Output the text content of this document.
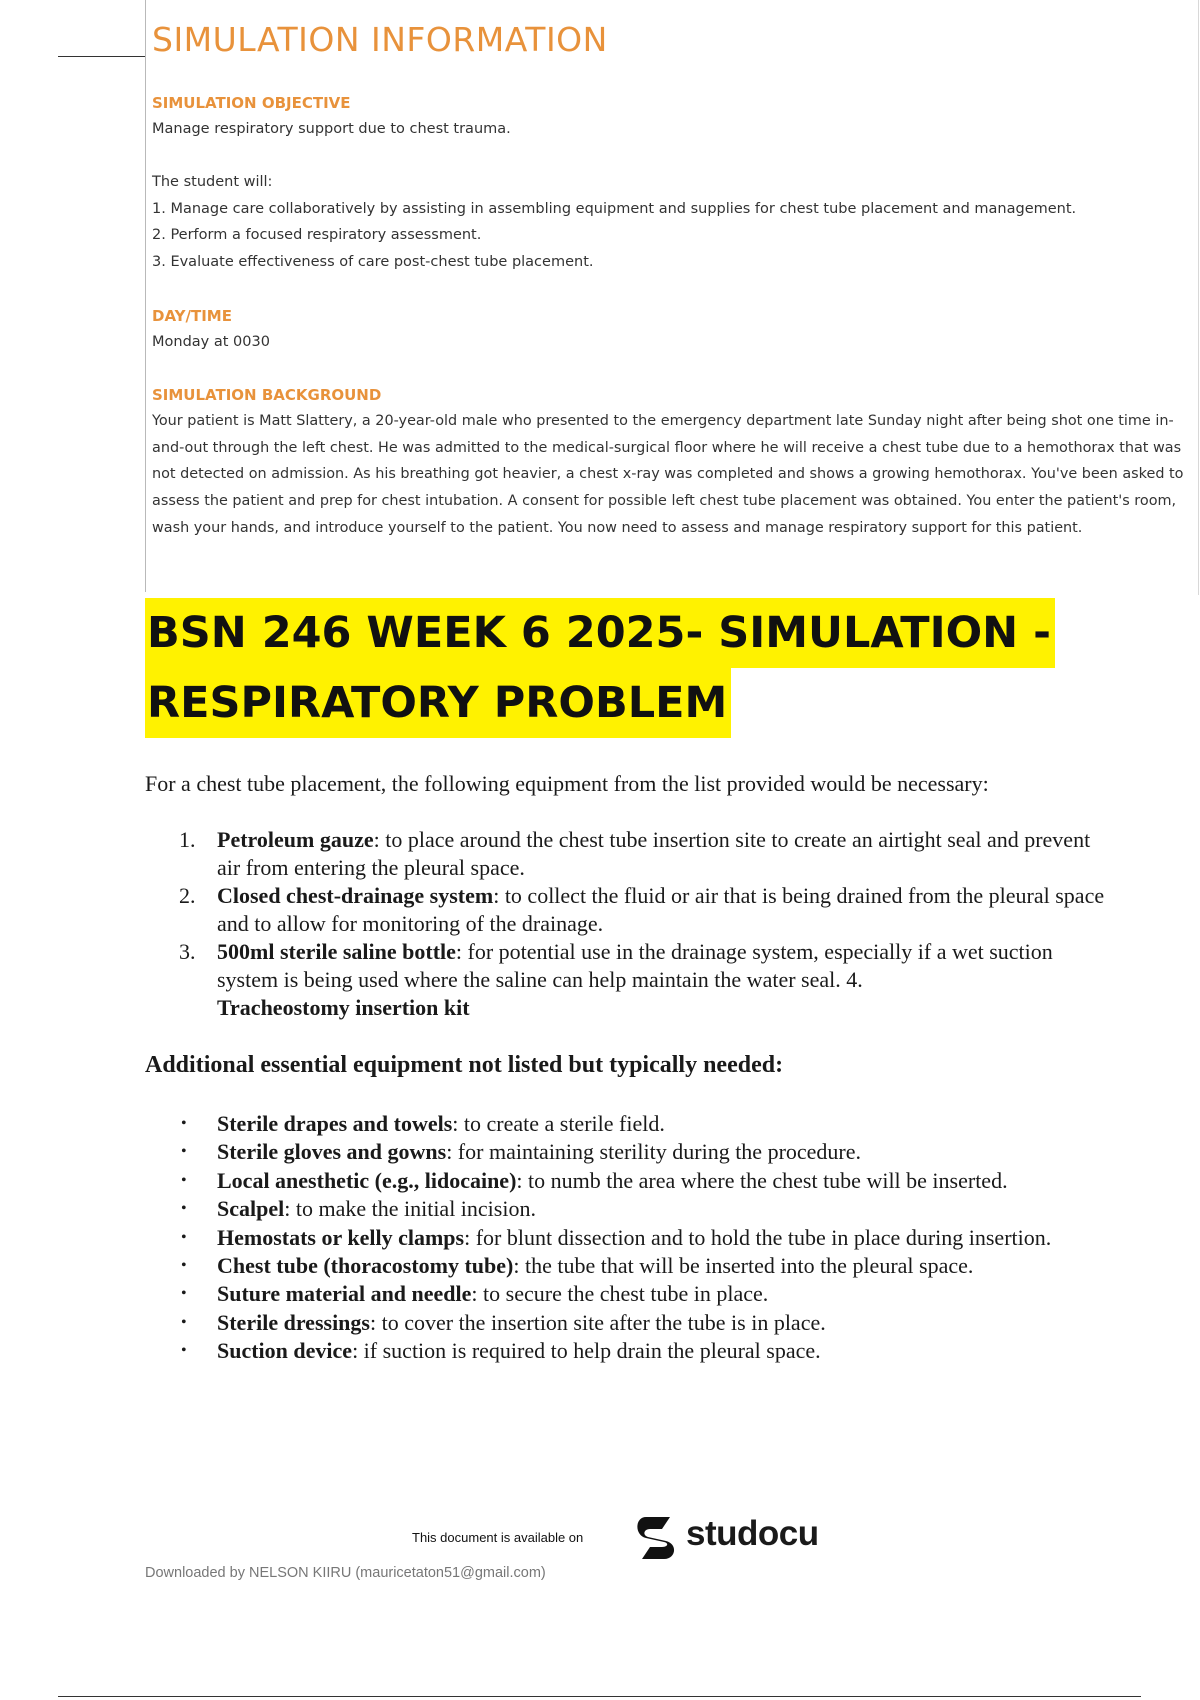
SIMULATION INFORMATION
SIMULATION OBJECTIVE
Manage respiratory support due to chest trauma.
The student will:
1. Manage care collaboratively by assisting in assembling equipment and supplies for chest tube placement and management.
2. Perform a focused respiratory assessment.
3. Evaluate effectiveness of care post-chest tube placement.
DAY/TIME
Monday at 0030
SIMULATION BACKGROUND
Your patient is Matt Slattery, a 20-year-old male who presented to the emergency department late Sunday night after being shot one time in-and-out through the left chest. He was admitted to the medical-surgical floor where he will receive a chest tube due to a hemothorax that was not detected on admission. As his breathing got heavier, a chest x-ray was completed and shows a growing hemothorax. You've been asked to assess the patient and prep for chest intubation. A consent for possible left chest tube placement was obtained. You enter the patient's room, wash your hands, and introduce yourself to the patient. You now need to assess and manage respiratory support for this patient.
BSN 246 WEEK 6 2025- SIMULATION -
RESPIRATORY PROBLEM
For a chest tube placement, the following equipment from the list provided would be necessary:
1. Petroleum gauze: to place around the chest tube insertion site to create an airtight seal and prevent air from entering the pleural space.
2. Closed chest-drainage system: to collect the fluid or air that is being drained from the pleural space and to allow for monitoring of the drainage.
3. 500ml sterile saline bottle: for potential use in the drainage system, especially if a wet suction system is being used where the saline can help maintain the water seal. 4.
Tracheostomy insertion kit
Additional essential equipment not listed but typically needed:
• Sterile drapes and towels: to create a sterile field.
• Sterile gloves and gowns: for maintaining sterility during the procedure.
• Local anesthetic (e.g., lidocaine): to numb the area where the chest tube will be inserted.
• Scalpel: to make the initial incision.
• Hemostats or kelly clamps: for blunt dissection and to hold the tube in place during insertion.
• Chest tube (thoracostomy tube): the tube that will be inserted into the pleural space.
• Suture material and needle: to secure the chest tube in place.
• Sterile dressings: to cover the insertion site after the tube is in place.
• Suction device: if suction is required to help drain the pleural space.
This document is available on	studocu
Downloaded by NELSON KIIRU (mauricetaton51@gmail.com)
